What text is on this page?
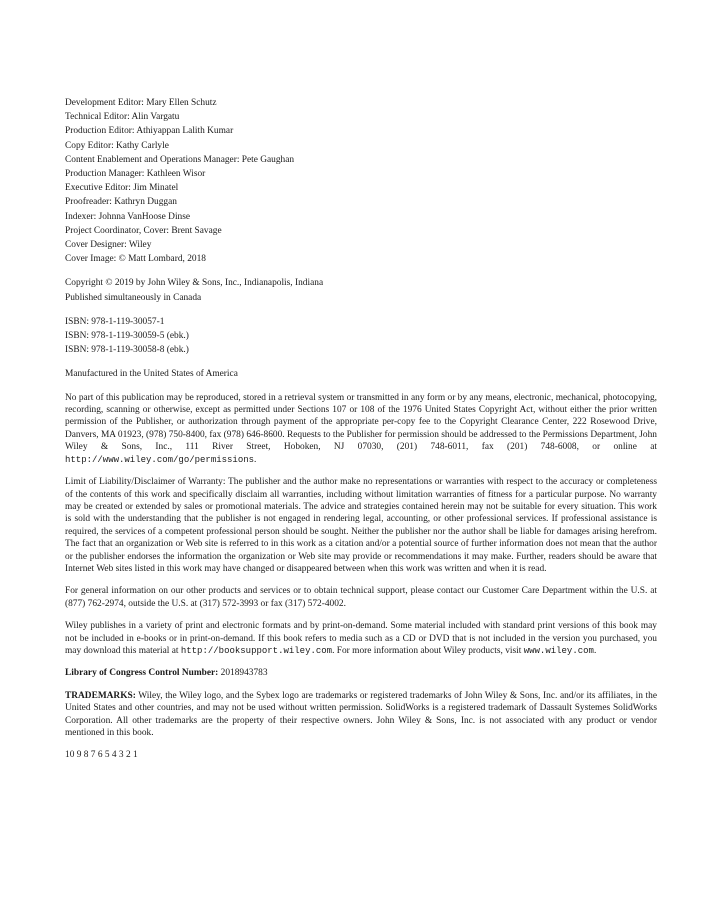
Development Editor: Mary Ellen Schutz
Technical Editor: Alin Vargatu
Production Editor: Athiyappan Lalith Kumar
Copy Editor: Kathy Carlyle
Content Enablement and Operations Manager: Pete Gaughan
Production Manager: Kathleen Wisor
Executive Editor: Jim Minatel
Proofreader: Kathryn Duggan
Indexer: Johnna VanHoose Dinse
Project Coordinator, Cover: Brent Savage
Cover Designer: Wiley
Cover Image: © Matt Lombard, 2018
Copyright © 2019 by John Wiley & Sons, Inc., Indianapolis, Indiana
Published simultaneously in Canada
ISBN: 978-1-119-30057-1
ISBN: 978-1-119-30059-5 (ebk.)
ISBN: 978-1-119-30058-8 (ebk.)

Manufactured in the United States of America

No part of this publication may be reproduced, stored in a retrieval system or transmitted in any form or by any means, electronic, mechanical, photocopying, recording, scanning or otherwise, except as permitted under Sections 107 or 108 of the 1976 United States Copyright Act, without either the prior written permission of the Publisher, or authorization through payment of the appropriate per-copy fee to the Copyright Clearance Center, 222 Rosewood Drive, Danvers, MA 01923, (978) 750-8400, fax (978) 646-8600. Requests to the Publisher for permission should be addressed to the Permissions Department, John Wiley & Sons, Inc., 111 River Street, Hoboken, NJ 07030, (201) 748-6011, fax (201) 748-6008, or online at http://www.wiley.com/go/permissions.

Limit of Liability/Disclaimer of Warranty: The publisher and the author make no representations or warranties with respect to the accuracy or completeness of the contents of this work and specifically disclaim all warranties, including without limitation warranties of fitness for a particular purpose. No warranty may be created or extended by sales or promotional materials. The advice and strategies contained herein may not be suitable for every situation. This work is sold with the understanding that the publisher is not engaged in rendering legal, accounting, or other professional services. If professional assistance is required, the services of a competent professional person should be sought. Neither the publisher nor the author shall be liable for damages arising herefrom. The fact that an organization or Web site is referred to in this work as a citation and/or a potential source of further information does not mean that the author or the publisher endorses the information the organization or Web site may provide or recommendations it may make. Further, readers should be aware that Internet Web sites listed in this work may have changed or disappeared between when this work was written and when it is read.

For general information on our other products and services or to obtain technical support, please contact our Customer Care Department within the U.S. at (877) 762-2974, outside the U.S. at (317) 572-3993 or fax (317) 572-4002.

Wiley publishes in a variety of print and electronic formats and by print-on-demand. Some material included with standard print versions of this book may not be included in e-books or in print-on-demand. If this book refers to media such as a CD or DVD that is not included in the version you purchased, you may download this material at http://booksupport.wiley.com. For more information about Wiley products, visit www.wiley.com.

Library of Congress Control Number: 2018943783

TRADEMARKS: Wiley, the Wiley logo, and the Sybex logo are trademarks or registered trademarks of John Wiley & Sons, Inc. and/or its affiliates, in the United States and other countries, and may not be used without written permission. SolidWorks is a registered trademark of Dassault Systemes SolidWorks Corporation. All other trademarks are the property of their respective owners. John Wiley & Sons, Inc. is not associated with any product or vendor mentioned in this book.

10 9 8 7 6 5 4 3 2 1
